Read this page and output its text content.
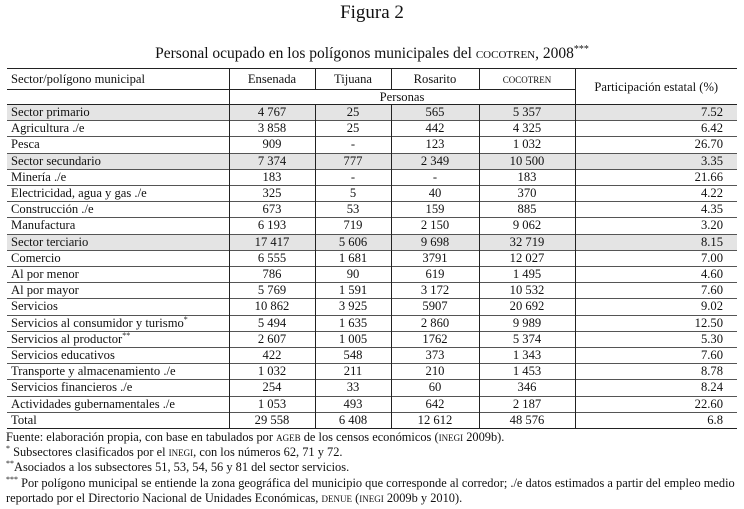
Figura 2
Personal ocupado en los polígonos municipales del cocotren, 2008***
Sector/polígono municipal	Ensenada	Tijuana	Rosarito	cocotren	Participación estatal (%)
	Personas				
Sector primario	4 767	25	565	5 357	7.52
Agricultura ./e	3 858	25	442	4 325	6.42
Pesca	909	-	123	1 032	26.70
Sector secundario	7 374	777	2 349	10 500	3.35
Minería ./e	183	-	-	183	21.66
Electricidad, agua y gas ./e	325	5	40	370	4.22
Construcción ./e	673	53	159	885	4.35
Manufactura	6 193	719	2 150	9 062	3.20
Sector terciario	17 417	5 606	9 698	32 719	8.15
Comercio	6 555	1 681	3791	12 027	7.00
Al por menor	786	90	619	1 495	4.60
Al por mayor	5 769	1 591	3 172	10 532	7.60
Servicios	10 862	3 925	5907	20 692	9.02
Servicios al consumidor y turismo*	5 494	1 635	2 860	9 989	12.50
Servicios al productor**	2 607	1 005	1762	5 374	5.30
Servicios educativos	422	548	373	1 343	7.60
Transporte y almacenamiento ./e	1 032	211	210	1 453	8.78
Servicios financieros ./e	254	33	60	346	8.24
Actividades gubernamentales ./e	1 053	493	642	2 187	22.60
Total	29 558	6 408	12 612	48 576	6.8
Fuente: elaboración propia, con base en tabulados por ageb de los censos económicos (inegi 2009b).
* Subsectores clasificados por el inegi, con los números 62, 71 y 72.
**Asociados a los subsectores 51, 53, 54, 56 y 81 del sector servicios.
*** Por polígono municipal se entiende la zona geográfica del municipio que corresponde al corredor; ./e datos estimados a partir del empleo medio reportado por el Directorio Nacional de Unidades Económicas, denue (inegi 2009b y 2010).
